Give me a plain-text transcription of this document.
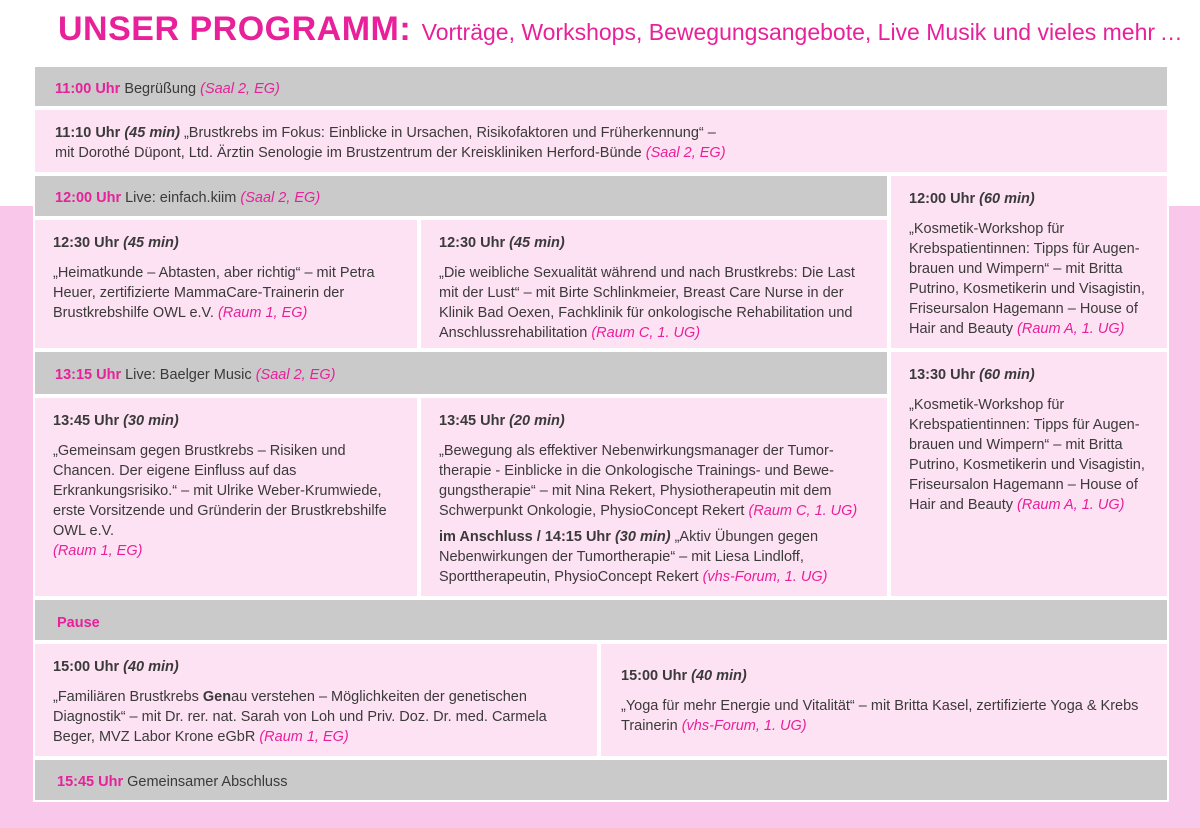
UNSER PROGRAMM: Vorträge, Workshops, Bewegungsangebote, Live Musik und vieles mehr …
11:00 Uhr Begrüßung (Saal 2, EG)
11:10 Uhr (45 min) „Brustkrebs im Fokus: Einblicke in Ursachen, Risikofaktoren und Früherkennung“ –
mit Dorothé Düpont, Ltd. Ärztin Senologie im Brustzentrum der Kreiskliniken Herford-Bünde (Saal 2, EG)
12:00 Uhr Live: einfach.kiim (Saal 2, EG)	12:00 Uhr (60 min)
„Kosmetik-Workshop für Krebspatientinnen: Tipps für Augen-brauen und Wimpern“ – mit Britta Putrino, Kosmetikerin und Visagistin, Friseursalon Hagemann – House of Hair and Beauty (Raum A, 1. UG)
12:30 Uhr (45 min)
„Heimatkunde – Abtasten, aber richtig“ – mit Petra Heuer, zertifizierte MammaCare-Trainerin der Brustkrebshilfe OWL e.V. (Raum 1, EG)
12:30 Uhr (45 min)
„Die weibliche Sexualität während und nach Brustkrebs: Die Last mit der Lust“ – mit Birte Schlinkmeier, Breast Care Nurse in der Klinik Bad Oexen, Fachklinik für onkologische Rehabilitation und Anschlussrehabilitation (Raum C, 1. UG)
13:15 Uhr Live: Baelger Music (Saal 2, EG)	13:30 Uhr (60 min)
„Kosmetik-Workshop für Krebspatientinnen: Tipps für Augen-brauen und Wimpern“ – mit Britta Putrino, Kosmetikerin und Visagistin, Friseursalon Hagemann – House of Hair and Beauty (Raum A, 1. UG)
13:45 Uhr (30 min)
„Gemeinsam gegen Brustkrebs – Risiken und Chancen. Der eigene Einfluss auf das Erkrankungsrisiko.“ – mit Ulrike Weber-Krumwiede, erste Vorsitzende und Gründerin der Brustkrebshilfe OWL e.V.
(Raum 1, EG)
13:45 Uhr (20 min)
„Bewegung als effektiver Nebenwirkungsmanager der Tumor-therapie - Einblicke in die Onkologische Trainings- und Bewe-gungstherapie“ – mit Nina Rekert, Physiotherapeutin mit dem Schwerpunkt Onkologie, PhysioConcept Rekert (Raum C, 1. UG)
im Anschluss / 14:15 Uhr (30 min) „Aktiv Übungen gegen Nebenwirkungen der Tumortherapie“ – mit Liesa Lindloff, Sporttherapeutin, PhysioConcept Rekert (vhs-Forum, 1. UG)
Pause
15:00 Uhr (40 min)
„Familiären Brustkrebs Genau verstehen – Möglichkeiten der genetischen Diagnostik“ – mit Dr. rer. nat. Sarah von Loh und Priv. Doz. Dr. med. Carmela Beger, MVZ Labor Krone eGbR (Raum 1, EG)
15:00 Uhr (40 min)
„Yoga für mehr Energie und Vitalität“ – mit Britta Kasel, zertifizierte Yoga & Krebs Trainerin (vhs-Forum, 1. UG)
15:45 Uhr Gemeinsamer Abschluss
